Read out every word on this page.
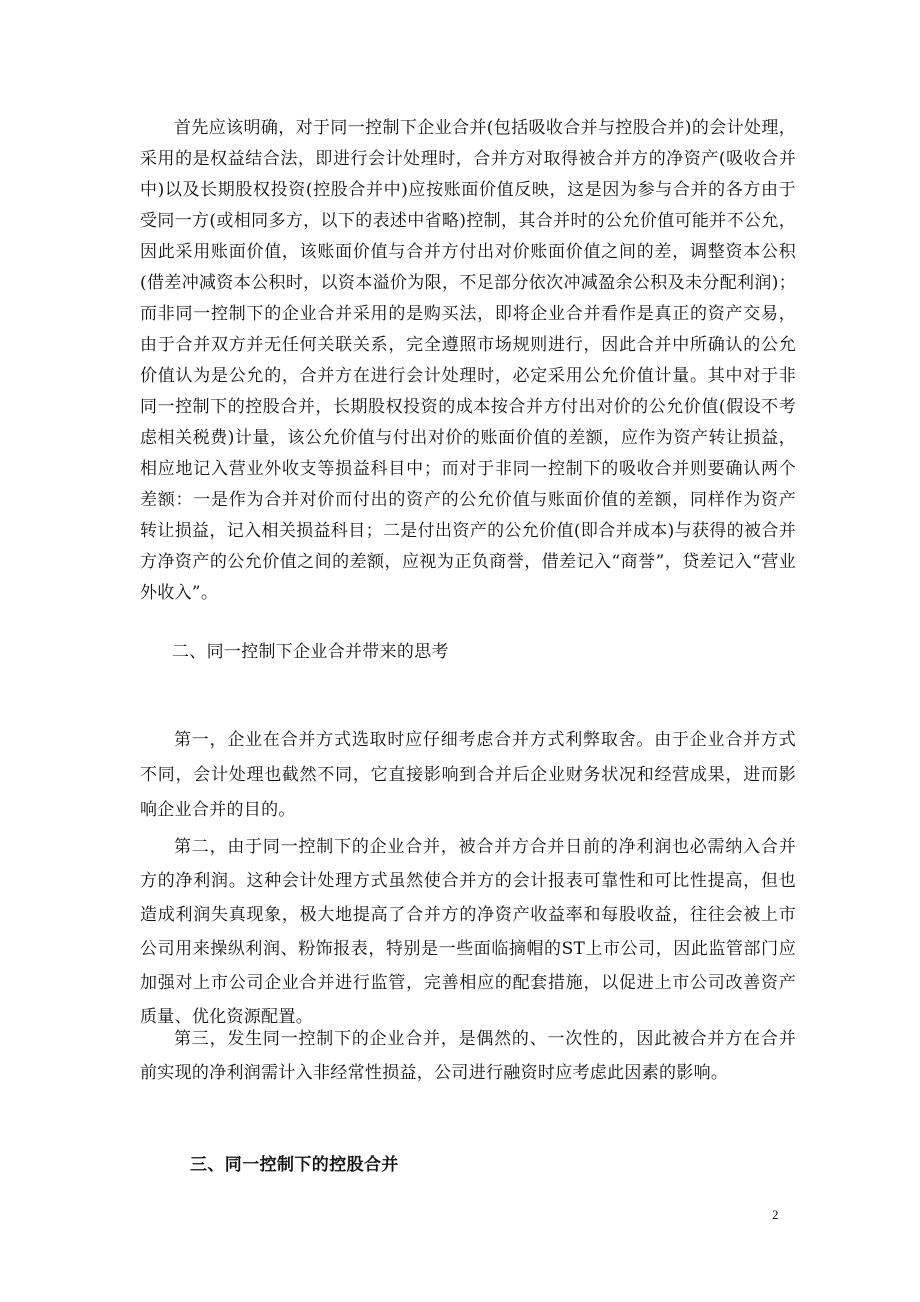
首先应该明确，对于同一控制下企业合并(包括吸收合并与控股合并)的会计处理，采用的是权益结合法，即进行会计处理时，合并方对取得被合并方的净资产(吸收合并中)以及长期股权投资(控股合并中)应按账面价值反映，这是因为参与合并的各方由于受同一方(或相同多方，以下的表述中省略)控制，其合并时的公允价值可能并不公允，因此采用账面价值，该账面价值与合并方付出对价账面价值之间的差，调整资本公积(借差冲减资本公积时，以资本溢价为限，不足部分依次冲减盈余公积及未分配利润)；而非同一控制下的企业合并采用的是购买法，即将企业合并看作是真正的资产交易，由于合并双方并无任何关联关系，完全遵照市场规则进行，因此合并中所确认的公允价值认为是公允的，合并方在进行会计处理时，必定采用公允价值计量。其中对于非同一控制下的控股合并，长期股权投资的成本按合并方付出对价的公允价值(假设不考虑相关税费)计量，该公允价值与付出对价的账面价值的差额，应作为资产转让损益，相应地记入营业外收支等损益科目中；而对于非同一控制下的吸收合并则要确认两个差额：一是作为合并对价而付出的资产的公允价值与账面价值的差额，同样作为资产转让损益，记入相关损益科目；二是付出资产的公允价值(即合并成本)与获得的被合并方净资产的公允价值之间的差额，应视为正负商誉，借差记入“商誉”，贷差记入“营业外收入”。

二、同一控制下企业合并带来的思考

第一，企业在合并方式选取时应仔细考虑合并方式利弊取舍。由于企业合并方式不同，会计处理也截然不同，它直接影响到合并后企业财务状况和经营成果，进而影响企业合并的目的。

第二，由于同一控制下的企业合并，被合并方合并日前的净利润也必需纳入合并方的净利润。这种会计处理方式虽然使合并方的会计报表可靠性和可比性提高，但也造成利润失真现象，极大地提高了合并方的净资产收益率和每股收益，往往会被上市公司用来操纵利润、粉饰报表，特别是一些面临摘帽的ST上市公司，因此监管部门应加强对上市公司企业合并进行监管，完善相应的配套措施，以促进上市公司改善资产质量、优化资源配置。

第三，发生同一控制下的企业合并，是偶然的、一次性的，因此被合并方在合并前实现的净利润需计入非经常性损益，公司进行融资时应考虑此因素的影响。

三、同一控制下的控股合并
2
